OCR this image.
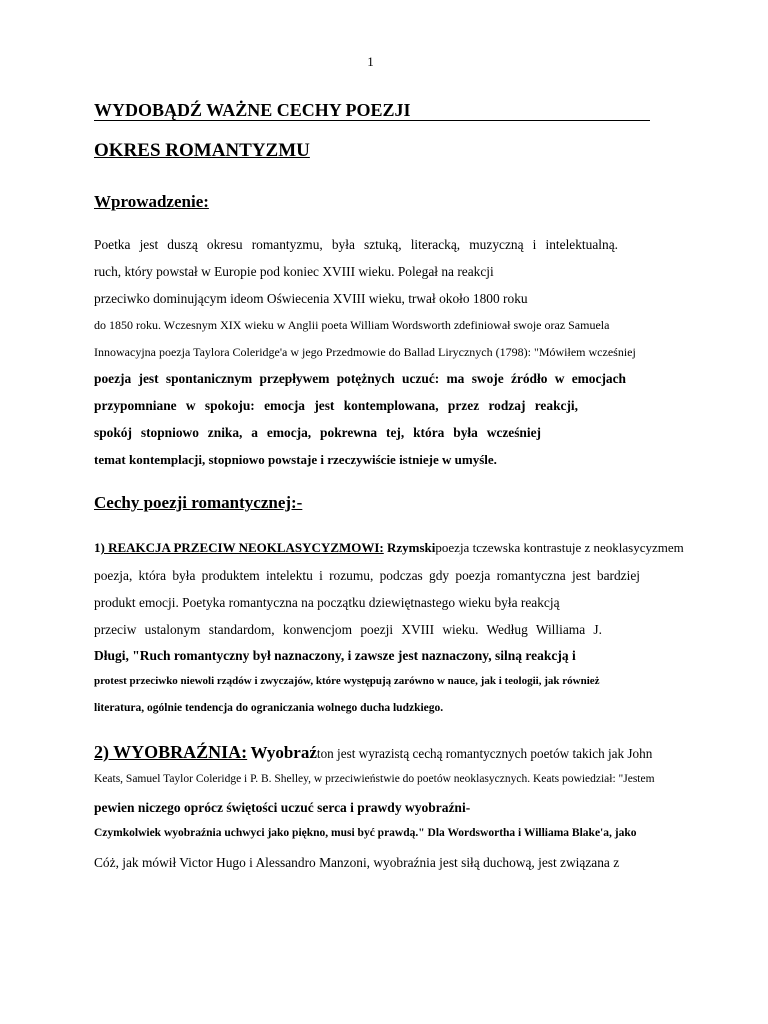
1
WYDOBĄDŹ WAŻNE CECHY POEZJI
OKRES ROMANTYZMU
Wprowadzenie:
Poetka jest duszą okresu romantyzmu, była sztuką, literacką, muzyczną i intelektualną.
ruch, który powstał w Europie pod koniec XVIII wieku. Polegał na reakcji
przeciwko dominującym ideom Oświecenia XVIII wieku, trwał około 1800 roku
do 1850 roku. Wczesnym XIX wieku w Anglii poeta William Wordsworth zdefiniował swoje oraz Samuela
Innowacyjna poezja Taylora Coleridge'a w jego Przedmowie do Ballad Lirycznych (1798): "Mówiłem wcześniej
poezja jest spontanicznym przepływem potężnych uczuć: ma swoje źródło w emocjach
przypomniane w spokoju: emocja jest kontemplowana, przez rodzaj reakcji,
spokój stopniowo znika, a emocja, pokrewna tej, która była wcześniej
temat kontemplacji, stopniowo powstaje i rzeczywiście istnieje w umyśle.
Cechy poezji romantycznej:-
1) REAKCJA PRZECIW NEOKLASYCYZMOWI: Rzymskipoezja tczewska kontrastuje z neoklasycyzmem
poezja, która była produktem intelektu i rozumu, podczas gdy poezja romantyczna jest bardziej
produkt emocji. Poetyka romantyczna na początku dziewiętnastego wieku była reakcją
przeciw ustalonym standardom, konwencjom poezji XVIII wieku. Według Williama J.
Długi, "Ruch romantyczny był naznaczony, i zawsze jest naznaczony, silną reakcją i
protest przeciwko niewoli rządów i zwyczajów, które występują zarówno w nauce, jak i teologii, jak również
literatura, ogólnie tendencja do ograniczania wolnego ducha ludzkiego.
2) WYOBRAŹNIA: Wyobraźton jest wyrazistą cechą romantycznych poetów takich jak John
Keats, Samuel Taylor Coleridge i P. B. Shelley, w przeciwieństwie do poetów neoklasycznych. Keats powiedział: "Jestem
pewien niczego oprócz świętości uczuć serca i prawdy wyobraźni-
Czymkolwiek wyobraźnia uchwyci jako piękno, musi być prawdą." Dla Wordswortha i Williama Blake'a, jako
Cóż, jak mówił Victor Hugo i Alessandro Manzoni, wyobraźnia jest siłą duchową, jest związana z
